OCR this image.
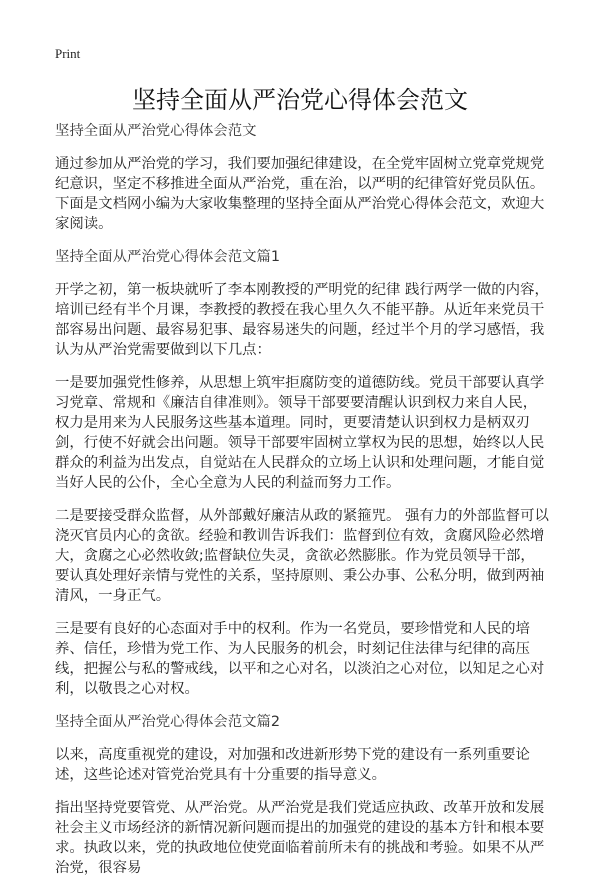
Print
坚持全面从严治党心得体会范文

坚持全面从严治党心得体会范文

通过参加从严治党的学习，我们要加强纪律建设，在全党牢固树立党章党规党纪意识，坚定不移推进全面从严治党，重在治，以严明的纪律管好党员队伍。下面是文档网小编为大家收集整理的坚持全面从严治党心得体会范文，欢迎大家阅读。

坚持全面从严治党心得体会范文篇1

开学之初，第一板块就听了李本刚教授的严明党的纪律 践行两学一做的内容，培训已经有半个月课，李教授的教授在我心里久久不能平静。从近年来党员干部容易出问题、最容易犯事、最容易迷失的问题，经过半个月的学习感悟，我认为从严治党需要做到以下几点：

一是要加强党性修养，从思想上筑牢拒腐防变的道德防线。党员干部要认真学习党章、常规和《廉洁自律准则》。领导干部要要清醒认识到权力来自人民，权力是用来为人民服务这些基本道理。同时，更要清楚认识到权力是柄双刃剑，行使不好就会出问题。领导干部要牢固树立掌权为民的思想，始终以人民群众的利益为出发点，自觉站在人民群众的立场上认识和处理问题，才能自觉当好人民的公仆，全心全意为人民的利益而努力工作。

二是要接受群众监督，从外部戴好廉洁从政的紧箍咒。 强有力的外部监督可以浇灭官员内心的贪欲。经验和教训告诉我们：监督到位有效，贪腐风险必然增大，贪腐之心必然收敛;监督缺位失灵，贪欲必然膨胀。作为党员领导干部，要认真处理好亲情与党性的关系，坚持原则、秉公办事、公私分明，做到两袖清风，一身正气。

三是要有良好的心态面对手中的权利。作为一名党员，要珍惜党和人民的培养、信任，珍惜为党工作、为人民服务的机会，时刻记住法律与纪律的高压线，把握公与私的警戒线，以平和之心对名，以淡泊之心对位，以知足之心对利，以敬畏之心对权。

坚持全面从严治党心得体会范文篇2

以来，高度重视党的建设，对加强和改进新形势下党的建设有一系列重要论述，这些论述对管党治党具有十分重要的指导意义。

指出坚持党要管党、从严治党。从严治党是我们党适应执政、改革开放和发展社会主义市场经济的新情况新问题而提出的加强党的建设的基本方针和根本要求。执政以来，党的执政地位使党面临着前所未有的挑战和考验。如果不从严治党，很容易
